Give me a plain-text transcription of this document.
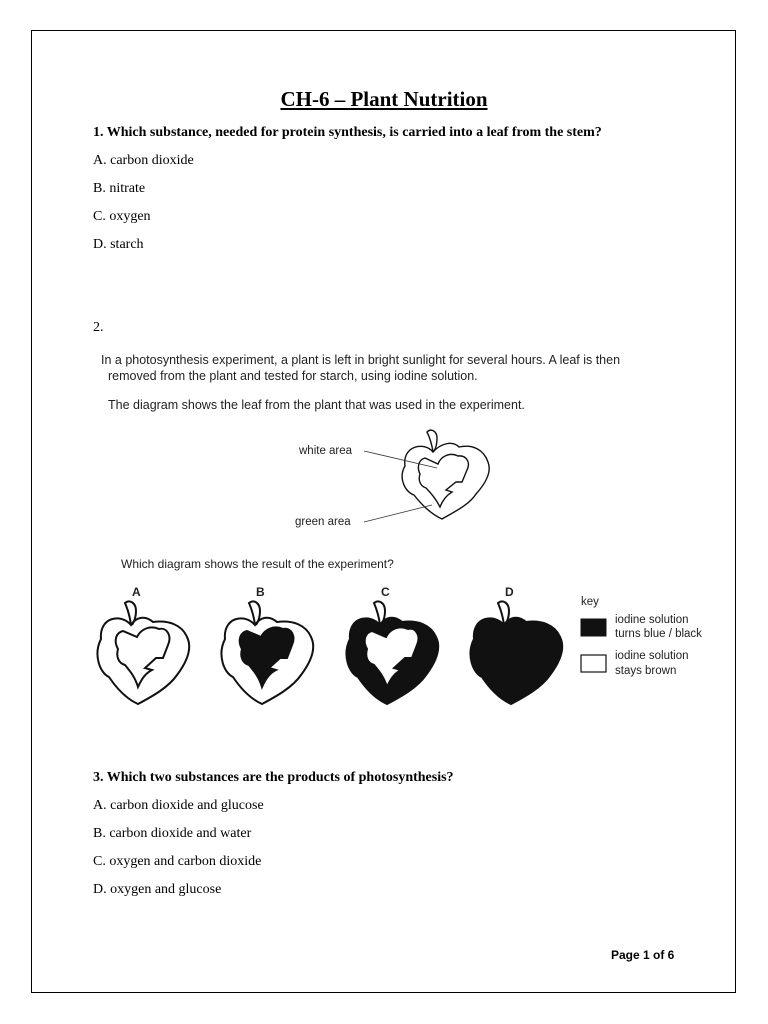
CH-6 – Plant Nutrition
1. Which substance, needed for protein synthesis, is carried into a leaf from the stem?
A. carbon dioxide
B. nitrate
C. oxygen
D. starch
2.
In a photosynthesis experiment, a plant is left in bright sunlight for several hours. A leaf is then
removed from the plant and tested for starch, using iodine solution.
The diagram shows the leaf from the plant that was used in the experiment.
white area
green area
Which diagram shows the result of the experiment?
A	B	C	D
key
iodine solution
turns blue / black
iodine solution
stays brown
3. Which two substances are the products of photosynthesis?
A. carbon dioxide and glucose
B. carbon dioxide and water
C. oxygen and carbon dioxide
D. oxygen and glucose
Page 1 of 6
